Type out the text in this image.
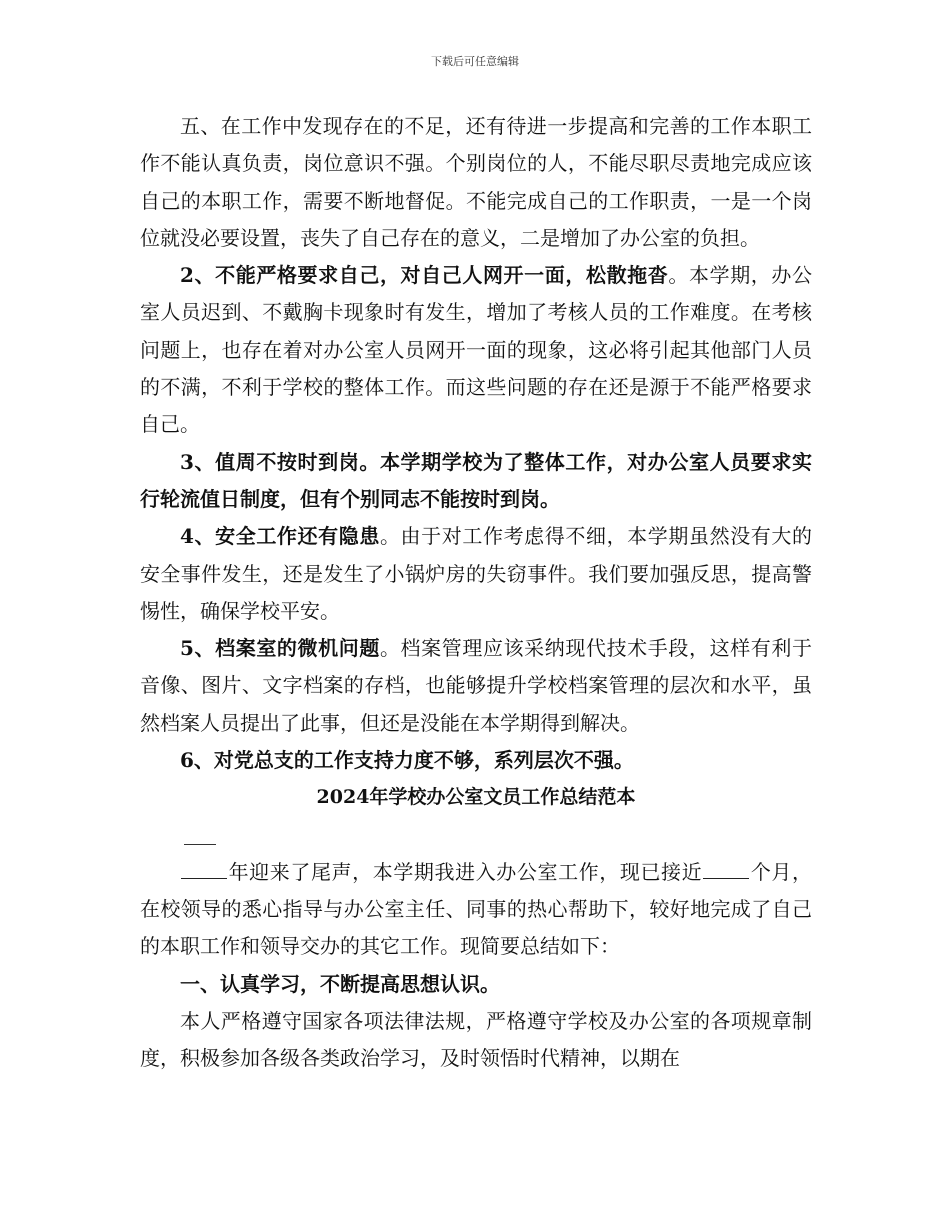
下载后可任意编辑

五、在工作中发现存在的不足，还有待进一步提高和完善的工作本职工作不能认真负责，岗位意识不强。个别岗位的人，不能尽职尽责地完成应该自己的本职工作，需要不断地督促。不能完成自己的工作职责，一是一个岗位就没必要设置，丧失了自己存在的意义，二是增加了办公室的负担。

2、不能严格要求自己，对自己人网开一面，松散拖沓。本学期，办公室人员迟到、不戴胸卡现象时有发生，增加了考核人员的工作难度。在考核问题上，也存在着对办公室人员网开一面的现象，这必将引起其他部门人员的不满，不利于学校的整体工作。而这些问题的存在还是源于不能严格要求自己。

3、值周不按时到岗。本学期学校为了整体工作，对办公室人员要求实行轮流值日制度，但有个别同志不能按时到岗。

4、安全工作还有隐患。由于对工作考虑得不细，本学期虽然没有大的安全事件发生，还是发生了小锅炉房的失窃事件。我们要加强反思，提高警惕性，确保学校平安。

5、档案室的微机问题。档案管理应该采纳现代技术手段，这样有利于音像、图片、文字档案的存档，也能够提升学校档案管理的层次和水平，虽然档案人员提出了此事，但还是没能在本学期得到解决。

6、对党总支的工作支持力度不够，系列层次不强。

2024年学校办公室文员工作总结范本

年迎来了尾声，本学期我进入办公室工作，现已接近 个月，在校领导的悉心指导与办公室主任、同事的热心帮助下，较好地完成了自己的本职工作和领导交办的其它工作。现简要总结如下：

一、认真学习，不断提高思想认识。

本人严格遵守国家各项法律法规，严格遵守学校及办公室的各项规章制度，积极参加各级各类政治学习，及时领悟时代精神，以期在
